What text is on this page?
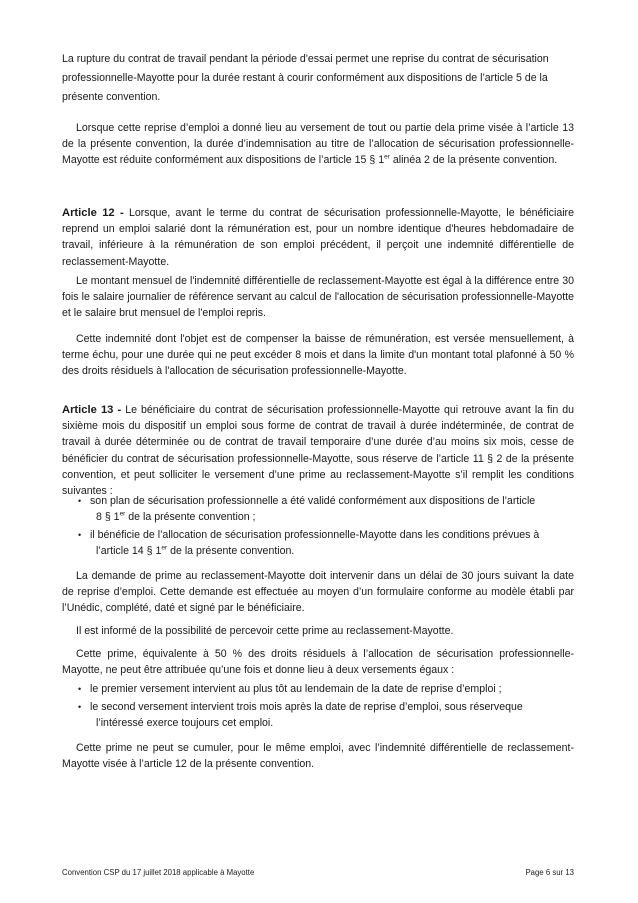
La rupture du contrat de travail pendant la période d'essai permet une reprise du contrat de sécurisation professionnelle-Mayotte pour la durée restant à courir conformément aux dispositions de l’article 5 de la présente convention.

Lorsque cette reprise d’emploi a donné lieu au versement de tout ou partie dela prime visée à l’article 13 de la présente convention, la durée d’indemnisation au titre de l’allocation de sécurisation professionnelle-Mayotte est réduite conformément aux dispositions de l’article 15 § 1er alinéa 2 de la présente convention.

Article 12 - Lorsque, avant le terme du contrat de sécurisation professionnelle-Mayotte, le bénéficiaire reprend un emploi salarié dont la rémunération est, pour un nombre identique d'heures hebdomadaire de travail, inférieure à la rémunération de son emploi précédent, il perçoit une indemnité différentielle de reclassement-Mayotte.

Le montant mensuel de l'indemnité différentielle de reclassement-Mayotte est égal à la différence entre 30 fois le salaire journalier de référence servant au calcul de l'allocation de sécurisation professionnelle-Mayotte et le salaire brut mensuel de l'emploi repris.

Cette indemnité dont l'objet est de compenser la baisse de rémunération, est versée mensuellement, à terme échu, pour une durée qui ne peut excéder 8 mois et dans la limite d'un montant total plafonné à 50 % des droits résiduels à l'allocation de sécurisation professionnelle-Mayotte.

Article 13 - Le bénéficiaire du contrat de sécurisation professionnelle-Mayotte qui retrouve avant la fin du sixième mois du dispositif un emploi sous forme de contrat de travail à durée indéterminée, de contrat de travail à durée déterminée ou de contrat de travail temporaire d’une durée d’au moins six mois, cesse de bénéficier du contrat de sécurisation professionnelle-Mayotte, sous réserve de l’article 11 § 2 de la présente convention, et peut solliciter le versement d’une prime au reclassement-Mayotte s’il remplit les conditions suivantes :

• son plan de sécurisation professionnelle a été validé conformément aux dispositions de l’article
8 § 1er de la présente convention ;
• il bénéficie de l’allocation de sécurisation professionnelle-Mayotte dans les conditions prévues à
l’article 14 § 1er de la présente convention.

La demande de prime au reclassement-Mayotte doit intervenir dans un délai de 30 jours suivant la date de reprise d’emploi. Cette demande est effectuée au moyen d’un formulaire conforme au modèle établi par l’Unédic, complété, daté et signé par le bénéficiaire.

Il est informé de la possibilité de percevoir cette prime au reclassement-Mayotte.

Cette prime, équivalente à 50 % des droits résiduels à l’allocation de sécurisation professionnelle-Mayotte, ne peut être attribuée qu’une fois et donne lieu à deux versements égaux :

• le premier versement intervient au plus tôt au lendemain de la date de reprise d’emploi ;
• le second versement intervient trois mois après la date de reprise d’emploi, sous réserveque
l’intéressé exerce toujours cet emploi.

Cette prime ne peut se cumuler, pour le même emploi, avec l’indemnité différentielle de reclassement-Mayotte visée à l’article 12 de la présente convention.

Convention CSP du 17 juillet 2018 applicable à Mayotte	Page 6 sur 13
